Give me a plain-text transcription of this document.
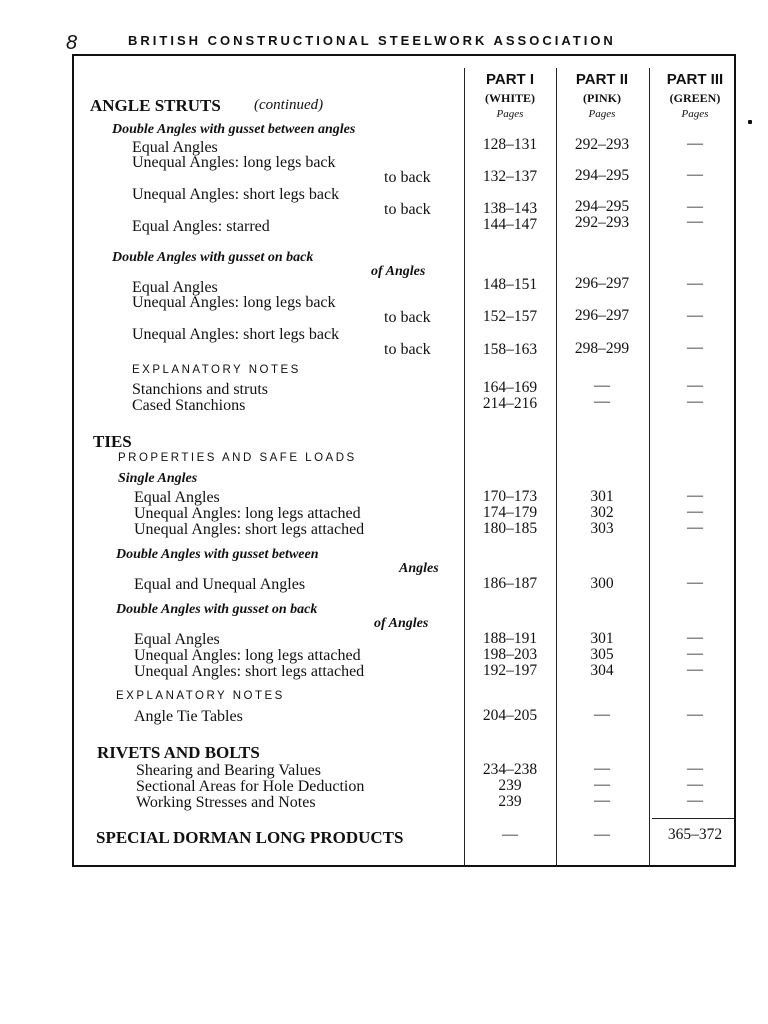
8	BRITISH CONSTRUCTIONAL STEELWORK ASSOCIATION
PART I
(WHITE)
Pages
PART II
(PINK)
Pages
PART III
(GREEN)
Pages
ANGLE STRUTS (continued)
Double Angles with gusset between angles
Equal Angles	128–131	292–293	—
Unequal Angles: long legs back
to back	132–137	294–295	—
Unequal Angles: short legs back
to back	138–143	294–295	—
Equal Angles: starred	144–147	292–293	—
Double Angles with gusset on back
of Angles
Equal Angles	148–151	296–297	—
Unequal Angles: long legs back
to back	152–157	296–297	—
Unequal Angles: short legs back
to back	158–163	298–299	—
EXPLANATORY NOTES
Stanchions and struts	164–169	—	—
Cased Stanchions	214–216	—	—
TIES
PROPERTIES AND SAFE LOADS
Single Angles
Equal Angles	170–173	301	—
Unequal Angles: long legs attached	174–179	302	—
Unequal Angles: short legs attached	180–185	303	—
Double Angles with gusset between
Angles
Equal and Unequal Angles	186–187	300	—
Double Angles with gusset on back
of Angles
Equal Angles	188–191	301	—
Unequal Angles: long legs attached	198–203	305	—
Unequal Angles: short legs attached	192–197	304	—
EXPLANATORY NOTES
Angle Tie Tables	204–205	—	—
RIVETS AND BOLTS
Shearing and Bearing Values	234–238	—	—
Sectional Areas for Hole Deduction	239	—	—
Working Stresses and Notes	239	—	—
SPECIAL DORMAN LONG PRODUCTS	—	—	365–372
